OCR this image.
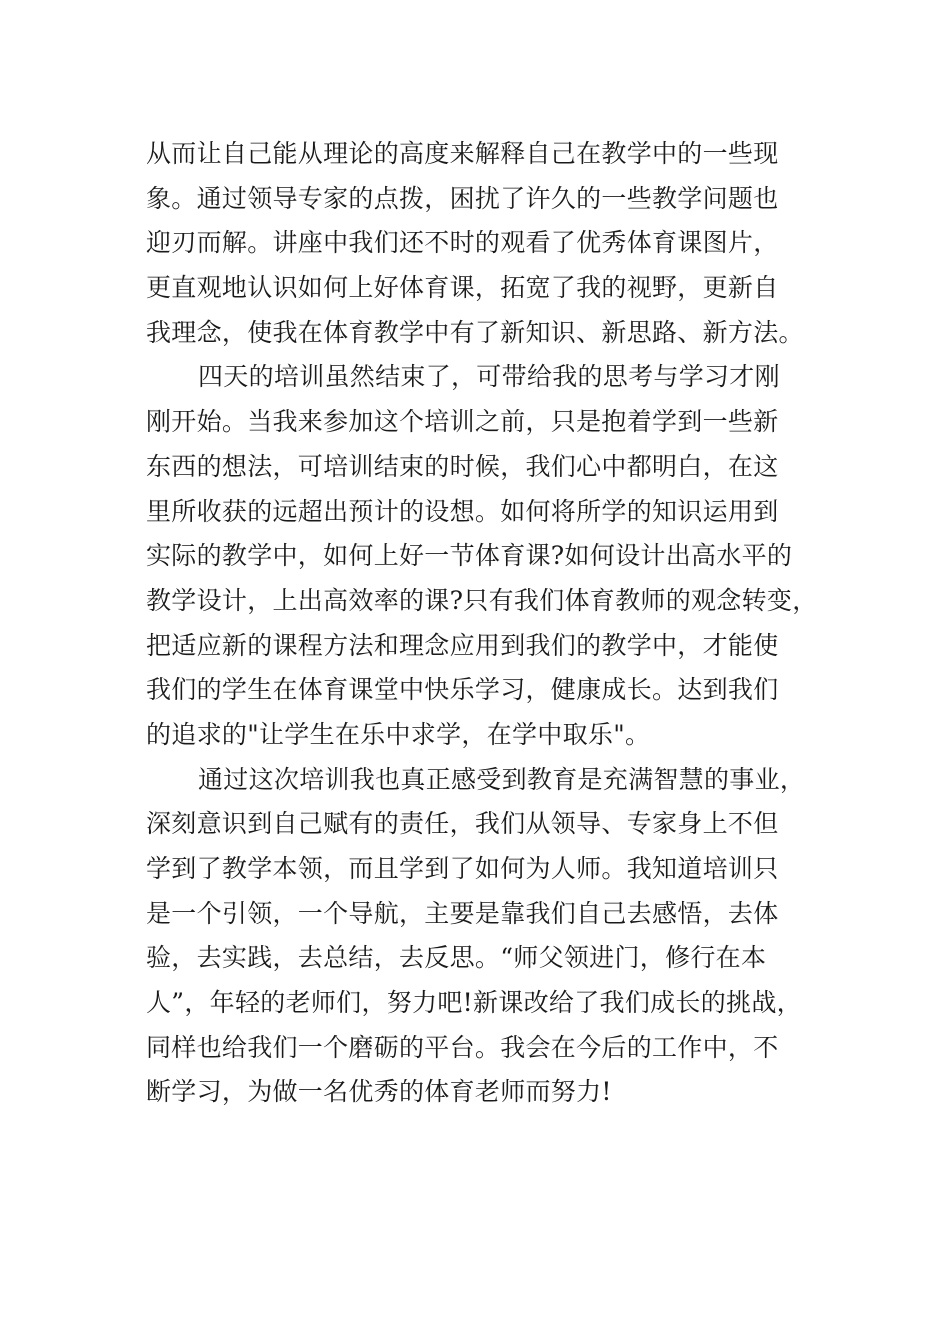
从而让自己能从理论的高度来解释自己在教学中的一些现
象。通过领导专家的点拨，困扰了许久的一些教学问题也
迎刃而解。讲座中我们还不时的观看了优秀体育课图片，
更直观地认识如何上好体育课，拓宽了我的视野，更新自
我理念，使我在体育教学中有了新知识、新思路、新方法。
四天的培训虽然结束了，可带给我的思考与学习才刚
刚开始。当我来参加这个培训之前，只是抱着学到一些新
东西的想法，可培训结束的时候，我们心中都明白，在这
里所收获的远超出预计的设想。如何将所学的知识运用到
实际的教学中，如何上好一节体育课?如何设计出高水平的
教学设计，上出高效率的课?只有我们体育教师的观念转变，
把适应新的课程方法和理念应用到我们的教学中，才能使
我们的学生在体育课堂中快乐学习，健康成长。达到我们
的追求的"让学生在乐中求学，在学中取乐"。
通过这次培训我也真正感受到教育是充满智慧的事业，
深刻意识到自己赋有的责任，我们从领导、专家身上不但
学到了教学本领，而且学到了如何为人师。我知道培训只
是一个引领，一个导航，主要是靠我们自己去感悟，去体
验，去实践，去总结，去反思。“师父领进门，修行在本
人”，年轻的老师们，努力吧!新课改给了我们成长的挑战，
同样也给我们一个磨砺的平台。我会在今后的工作中，不
断学习，为做一名优秀的体育老师而努力!
